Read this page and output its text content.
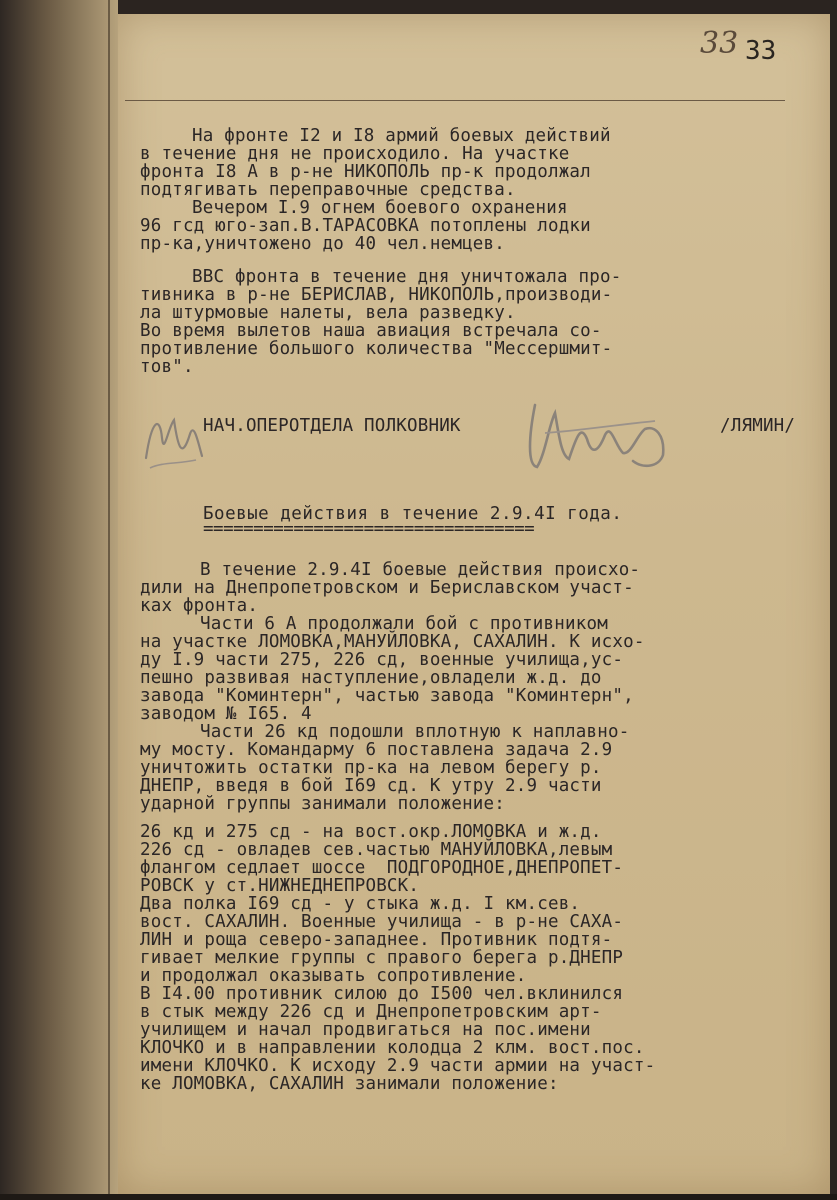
33 33
На фронте I2 и I8 армий боевых действий
в течение дня не происходило. На участке
фронта I8 А в р-не НИКОПОЛЬ пр-к продолжал
подтягивать переправочные средства.
Вечером I.9 огнем боевого охранения
96 гсд юго-зап.В.ТАРАСОВКА потоплены лодки
пр-ка,уничтожено до 40 чел.немцев.
ВВС фронта в течение дня уничтожала про-
тивника в р-не БЕРИСЛАВ, НИКОПОЛЬ,производи-
ла штурмовые налеты, вела разведку.
Во время вылетов наша авиация встречала со-
противление большого количества "Мессершмит-
тов".
НАЧ.ОПЕРОТДЕЛА ПОЛКОВНИК	/ЛЯМИН/
Боевые действия в течение 2.9.4I года.
=================================
В течение 2.9.4I боевые действия происхо-
дили на Днепропетровском и Бериславском участ-
ках фронта.
Части 6 А продолжали бой с противником
на участке ЛОМОВКА,МАНУЙЛОВКА, САХАЛИН. К исхо-
ду I.9 части 275, 226 сд, военные училища,ус-
пешно развивая наступление,овладели ж.д. до
завода "Коминтерн", частью завода "Коминтерн",
заводом № I65. 4
Части 26 кд подошли вплотную к наплавно-
му мосту. Командарму 6 поставлена задача 2.9
уничтожить остатки пр-ка на левом берегу р.
ДНЕПР, введя в бой I69 сд. К утру 2.9 части
ударной группы занимали положение:
26 кд и 275 сд - на вост.окр.ЛОМОВКА и ж.д.
226 сд - овладев сев.частью МАНУЙЛОВКА,левым
флангом седлает шоссе  ПОДГОРОДНОЕ,ДНЕПРОПЕТ-
РОВСК у ст.НИЖНЕДНЕПРОВСК.
Два полка I69 сд - у стыка ж.д. I км.сев.
вост. САХАЛИН. Военные училища - в р-не САХА-
ЛИН и роща северо-западнее. Противник подтя-
гивает мелкие группы с правого берега р.ДНЕПР
и продолжал оказывать сопротивление.
В I4.00 противник силою до I500 чел.вклинился
в стык между 226 сд и Днепропетровским арт-
училищем и начал продвигаться на пос.имени
КЛОЧКО и в направлении колодца 2 клм. вост.пос.
имени КЛОЧКО. К исходу 2.9 части армии на участ-
ке ЛОМОВКА, САХАЛИН занимали положение:
